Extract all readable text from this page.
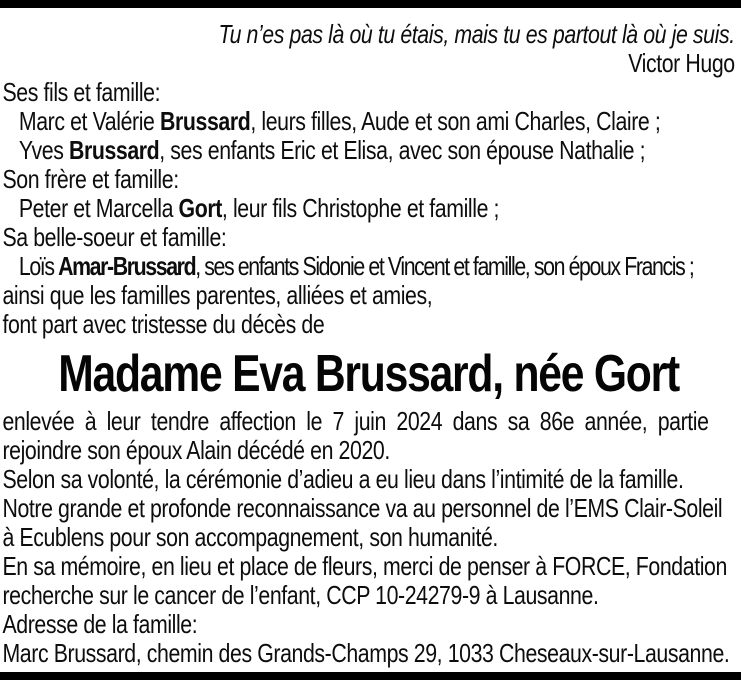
Tu n’es pas là où tu étais, mais tu es partout là où je suis.
Victor Hugo
Ses fils et famille:
Marc et Valérie Brussard, leurs filles, Aude et son ami Charles, Claire ;
Yves Brussard, ses enfants Eric et Elisa, avec son épouse Nathalie ;
Son frère et famille:
Peter et Marcella Gort, leur fils Christophe et famille ;
Sa belle-soeur et famille:
Loïs Amar-Brussard, ses enfants Sidonie et Vincent et famille, son époux Francis ;
ainsi que les familles parentes, alliées et amies,
font part avec tristesse du décès de
Madame Eva Brussard, née Gort
enlevée à leur tendre affection le 7 juin 2024 dans sa 86e année, partie
rejoindre son époux Alain décédé en 2020.
Selon sa volonté, la cérémonie d’adieu a eu lieu dans l’intimité de la famille.
Notre grande et profonde reconnaissance va au personnel de l’EMS Clair-Soleil
à Ecublens pour son accompagnement, son humanité.
En sa mémoire, en lieu et place de fleurs, merci de penser à FORCE, Fondation
recherche sur le cancer de l’enfant, CCP 10-24279-9 à Lausanne.
Adresse de la famille:
Marc Brussard, chemin des Grands-Champs 29, 1033 Cheseaux-sur-Lausanne.
